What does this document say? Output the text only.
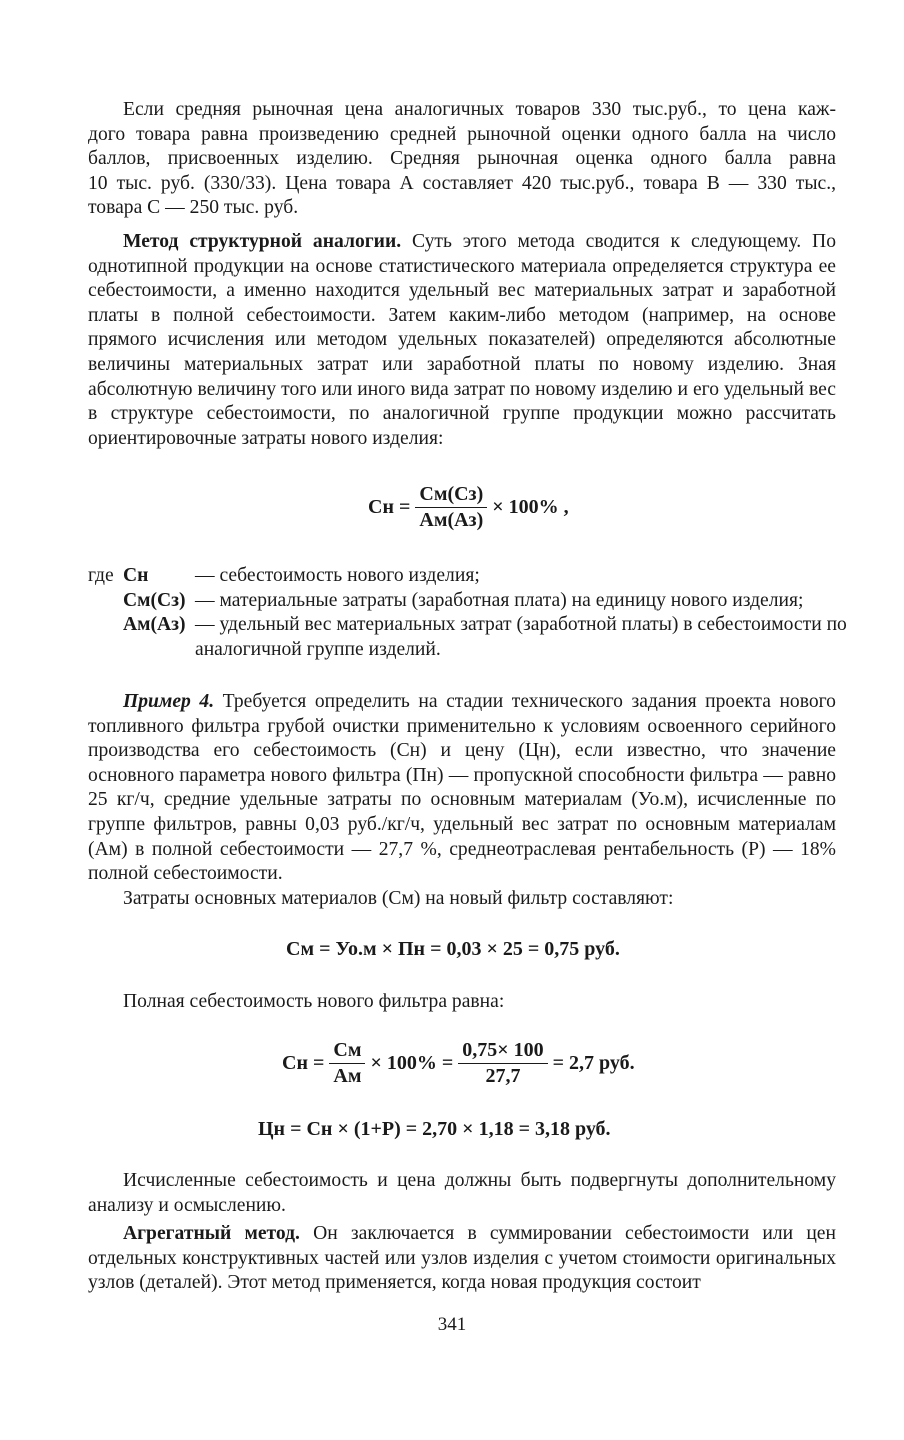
Если средняя рыночная цена аналогичных товаров 330 тыс.руб., то цена каж-
дого товара равна произведению средней рыночной оценки одного балла на число
баллов, присвоенных изделию. Средняя рыночная оценка одного балла равна
10 тыс. руб. (330/33). Цена товара А составляет 420 тыс.руб., товара В — 330 тыс.,
товара С — 250 тыс. руб.

Метод структурной аналогии. Суть этого метода сводится к следующему. По однотипной продукции на основе статистического материала определяется структура ее себестоимости, а именно находится удельный вес материальных затрат и заработной платы в полной себестоимости. Затем каким-либо методом (например, на основе прямого исчисления или методом удельных показателей) определяются абсолютные величины материальных затрат или заработной платы по новому изделию. Зная абсолютную величину того или иного вида затрат по новому изделию и его удельный вес в структуре себестоимости, по аналогичной группе продукции можно рассчитать ориентировочные затраты нового изделия:

Сн = $\frac{См(Сз)}{Ам(Аз)} \times 100\%$ ,
где Сн	— себестоимость нового изделия;
См(Сз) — материальные затраты (заработная плата) на единицу нового изделия;
Ам(Аз) — удельный вес материальных затрат (заработной платы) в себестоимости по аналогичной группе изделий.

Пример 4. Требуется определить на стадии технического задания проекта нового топливного фильтра грубой очистки применительно к условиям освоенного серийного производства его себестоимость (Сн) и цену (Цн), если известно, что значение основного параметра нового фильтра (Пн) — пропускной способности фильтра — равно 25 кг/ч, средние удельные затраты по основным материалам (Уо.м), исчисленные по группе фильтров, равны 0,03 руб./кг/ч, удельный вес затрат по основным материалам (Ам) в полной себестоимости — 27,7 %, среднеотраслевая рентабельность (Р) — 18% полной себестоимости.

Затраты основных материалов (См) на новый фильтр составляют:

См = Уо.м × Пн = 0,03 × 25 = 0,75 руб.

Полная себестоимость нового фильтра равна:

Сн = $\frac{См}{Ам} \times 100\% = \frac{0,75\times 100}{27,7} = 2,7$ руб.
Цн = Сн × (1+Р) = 2,70 × 1,18 = 3,18 руб.

Исчисленные себестоимость и цена должны быть подвергнуты дополнительному анализу и осмыслению.

Агрегатный метод. Он заключается в суммировании себестоимости или цен отдельных конструктивных частей или узлов изделия с учетом стоимости оригинальных узлов (деталей). Этот метод применяется, когда новая продукция состоит

341
